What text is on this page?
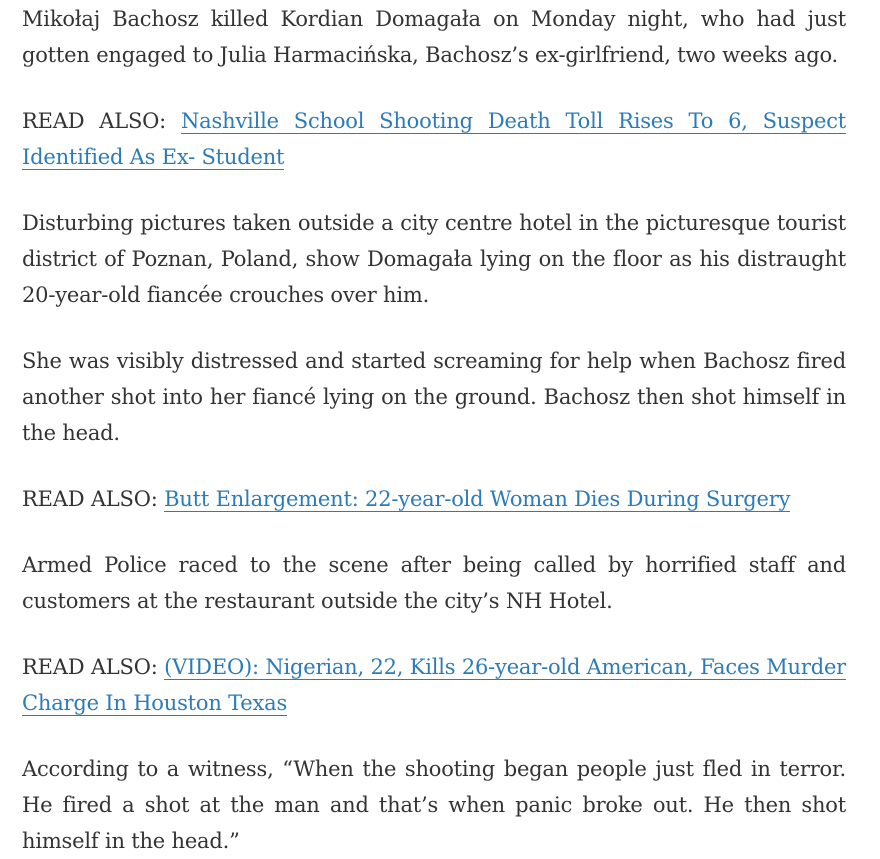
Mikołaj Bachosz killed Kordian Domagała on Monday night, who had just gotten engaged to Julia Harmacińska, Bachosz’s ex-girlfriend, two weeks ago.

READ ALSO: Nashville School Shooting Death Toll Rises To 6, Suspect Identified As Ex- Student

Disturbing pictures taken outside a city centre hotel in the picturesque tourist district of Poznan, Poland, show Domagała lying on the floor as his distraught 20-year-old fiancée crouches over him.

She was visibly distressed and started screaming for help when Bachosz fired another shot into her fiancé lying on the ground. Bachosz then shot himself in the head.

READ ALSO: Butt Enlargement: 22-year-old Woman Dies During Surgery

Armed Police raced to the scene after being called by horrified staff and customers at the restaurant outside the city’s NH Hotel.

READ ALSO: (VIDEO): Nigerian, 22, Kills 26-year-old American, Faces Murder Charge In Houston Texas

According to a witness, “When the shooting began people just fled in terror. He fired a shot at the man and that’s when panic broke out. He then shot himself in the head.”
